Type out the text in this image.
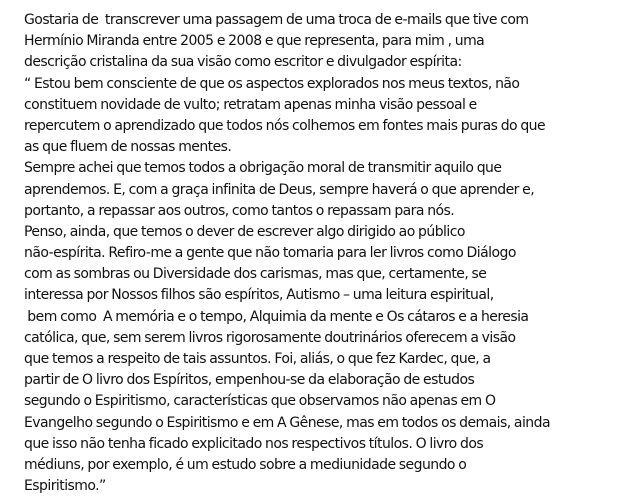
Gostaria de  transcrever uma passagem de uma troca de e-mails que tive com
Hermínio Miranda entre 2005 e 2008 e que representa, para mim , uma
descrição cristalina da sua visão como escritor e divulgador espírita:
“ Estou bem consciente de que os aspectos explorados nos meus textos, não
constituem novidade de vulto; retratam apenas minha visão pessoal e
repercutem o aprendizado que todos nós colhemos em fontes mais puras do que
as que fluem de nossas mentes.
Sempre achei que temos todos a obrigação moral de transmitir aquilo que
aprendemos. E, com a graça infinita de Deus, sempre haverá o que aprender e,
portanto, a repassar aos outros, como tantos o repassam para nós.
Penso, ainda, que temos o dever de escrever algo dirigido ao público
não-espírita. Refiro-me a gente que não tomaria para ler livros como Diálogo
com as sombras ou Diversidade dos carismas, mas que, certamente, se
interessa por Nossos filhos são espíritos, Autismo – uma leitura espiritual,
bem como  A memória e o tempo, Alquimia da mente e Os cátaros e a heresia
católica, que, sem serem livros rigorosamente doutrinários oferecem a visão
que temos a respeito de tais assuntos. Foi, aliás, o que fez Kardec, que, a
partir de O livro dos Espíritos, empenhou-se da elaboração de estudos
segundo o Espiritismo, características que observamos não apenas em O
Evangelho segundo o Espiritismo e em A Gênese, mas em todos os demais, ainda
que isso não tenha ficado explicitado nos respectivos títulos. O livro dos
médiuns, por exemplo, é um estudo sobre a mediunidade segundo o
Espiritismo.”
